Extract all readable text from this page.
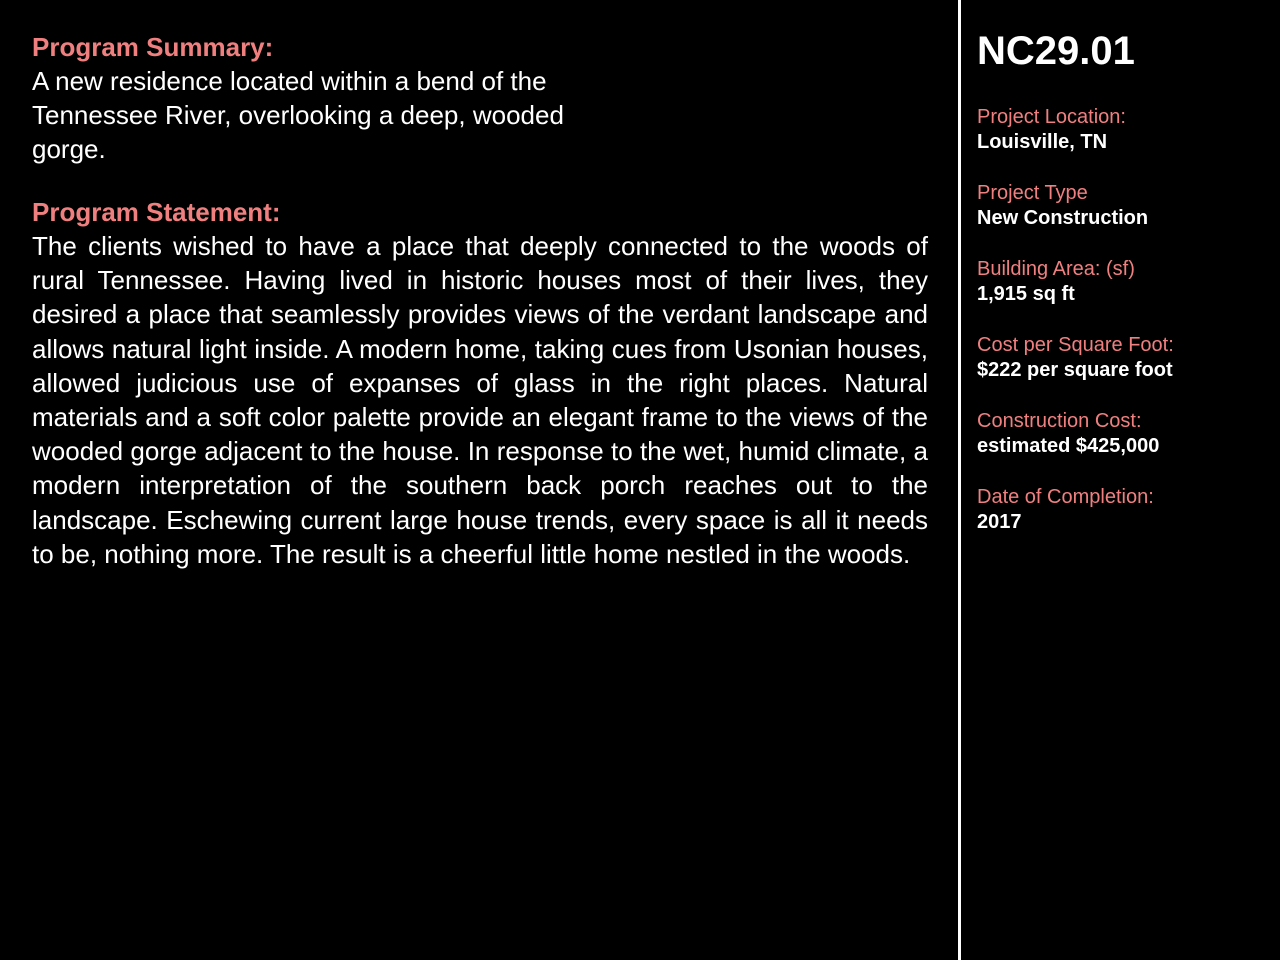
Program Summary:
A new residence located within a bend of the Tennessee River, overlooking a deep, wooded gorge.
Program Statement:
The clients wished to have a place that deeply connected to the woods of rural Tennessee. Having lived in historic houses most of their lives, they desired a place that seamlessly provides views of the verdant landscape and allows natural light inside. A modern home, taking cues from Usonian houses, allowed judicious use of expanses of glass in the right places. Natural materials and a soft color palette provide an elegant frame to the views of the wooded gorge adjacent to the house. In response to the wet, humid climate, a modern interpretation of the southern back porch reaches out to the landscape. Eschewing current large house trends, every space is all it needs to be, nothing more. The result is a cheerful little home nestled in the woods.
NC29.01
Project Location:
Louisville, TN
Project Type
New Construction
Building Area: (sf)
1,915 sq ft
Cost per Square Foot:
$222 per square foot
Construction Cost:
estimated $425,000
Date of Completion:
2017
